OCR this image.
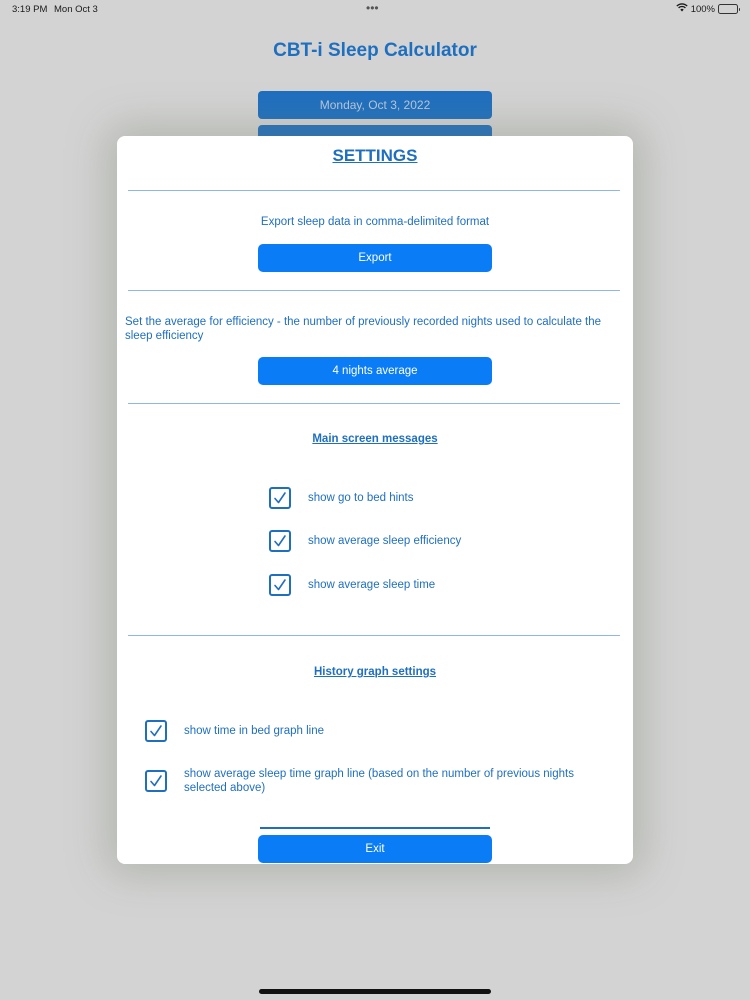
3:19 PM Mon Oct 3	•••	100%
CBT-i Sleep Calculator
Monday, Oct 3, 2022
SETTINGS
Export sleep data in comma-delimited format
Export
Set the average for efficiency - the number of previously recorded nights used to calculate the sleep efficiency
4 nights average
Main screen messages
show go to bed hints
show average sleep efficiency
show average sleep time
History graph settings
show time in bed graph line
show average sleep time graph line (based on the number of previous nights selected above)
Exit
